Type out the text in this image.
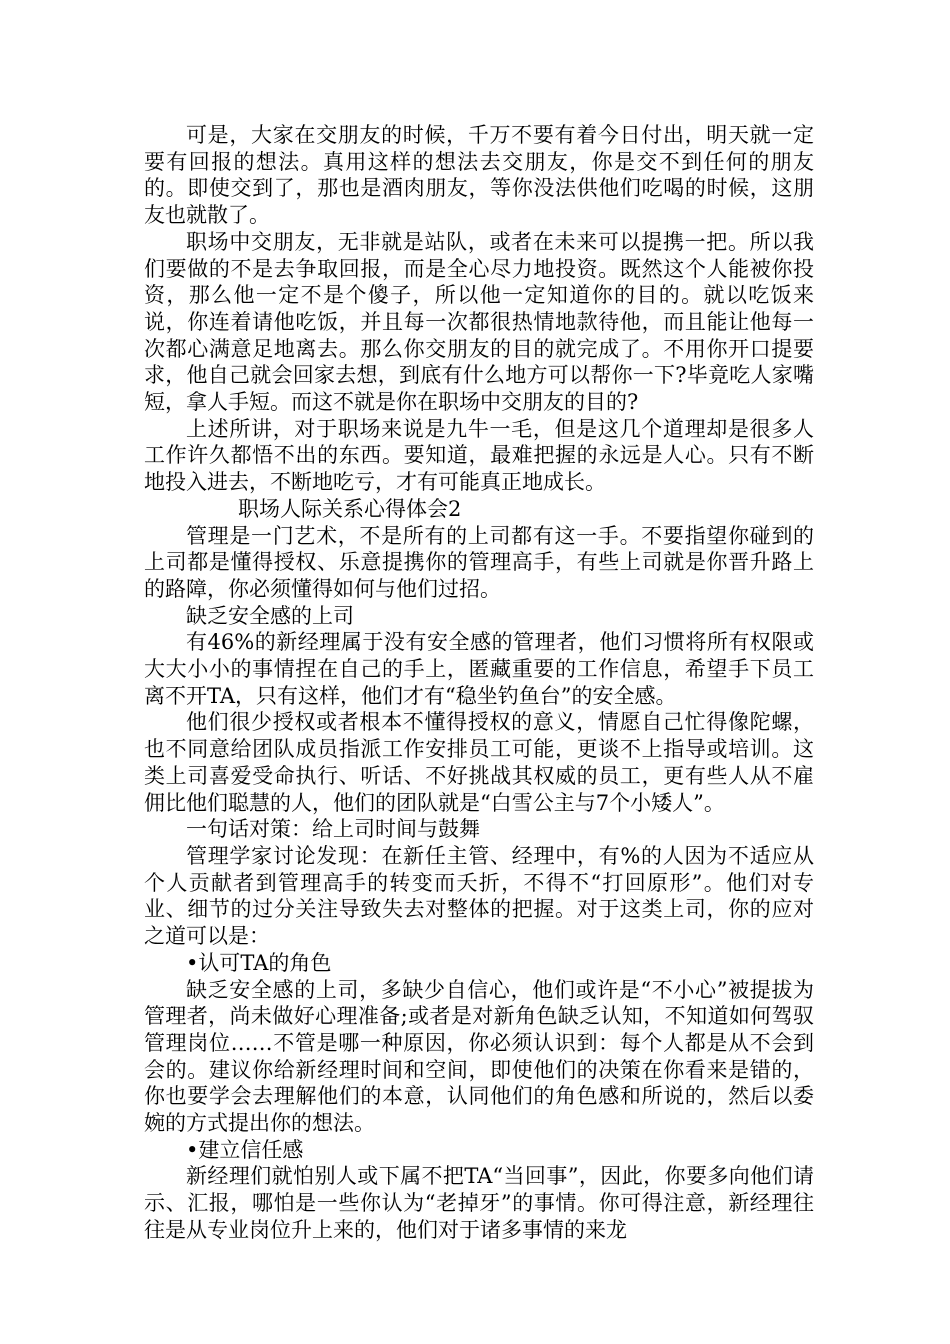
可是，大家在交朋友的时候，千万不要有着今日付出，明天就一定要有回报的想法。真用这样的想法去交朋友，你是交不到任何的朋友的。即使交到了，那也是酒肉朋友，等你没法供他们吃喝的时候，这朋友也就散了。

职场中交朋友，无非就是站队，或者在未来可以提携一把。所以我们要做的不是去争取回报，而是全心尽力地投资。既然这个人能被你投资，那么他一定不是个傻子，所以他一定知道你的目的。就以吃饭来说，你连着请他吃饭，并且每一次都很热情地款待他，而且能让他每一次都心满意足地离去。那么你交朋友的目的就完成了。不用你开口提要求，他自己就会回家去想，到底有什么地方可以帮你一下?毕竟吃人家嘴短，拿人手短。而这不就是你在职场中交朋友的目的?

上述所讲，对于职场来说是九牛一毛，但是这几个道理却是很多人工作许久都悟不出的东西。要知道，最难把握的永远是人心。只有不断地投入进去，不断地吃亏，才有可能真正地成长。

职场人际关系心得体会2

管理是一门艺术，不是所有的上司都有这一手。不要指望你碰到的上司都是懂得授权、乐意提携你的管理高手，有些上司就是你晋升路上的路障，你必须懂得如何与他们过招。

缺乏安全感的上司

有46%的新经理属于没有安全感的管理者，他们习惯将所有权限或大大小小的事情捏在自己的手上，匿藏重要的工作信息，希望手下员工离不开TA，只有这样，他们才有“稳坐钓鱼台”的安全感。

他们很少授权或者根本不懂得授权的意义，情愿自己忙得像陀螺，也不同意给团队成员指派工作安排员工可能，更谈不上指导或培训。这类上司喜爱受命执行、听话、不好挑战其权威的员工，更有些人从不雇佣比他们聪慧的人，他们的团队就是“白雪公主与7个小矮人”。

一句话对策：给上司时间与鼓舞

管理学家讨论发现：在新任主管、经理中，有%的人因为不适应从个人贡献者到管理高手的转变而夭折，不得不“打回原形”。他们对专业、细节的过分关注导致失去对整体的把握。对于这类上司，你的应对之道可以是：

•认可TA的角色

缺乏安全感的上司，多缺少自信心，他们或许是“不小心”被提拔为管理者，尚未做好心理准备;或者是对新角色缺乏认知，不知道如何驾驭管理岗位……不管是哪一种原因，你必须认识到：每个人都是从不会到会的。建议你给新经理时间和空间，即使他们的决策在你看来是错的，你也要学会去理解他们的本意，认同他们的角色感和所说的，然后以委婉的方式提出你的想法。

•建立信任感

新经理们就怕别人或下属不把TA“当回事”，因此，你要多向他们请示、汇报，哪怕是一些你认为“老掉牙”的事情。你可得注意，新经理往往是从专业岗位升上来的，他们对于诸多事情的来龙
